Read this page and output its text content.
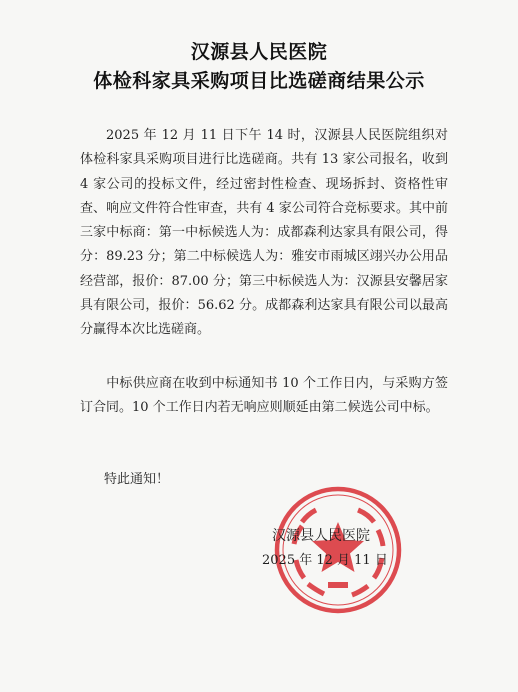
汉源县人民医院
体检科家具采购项目比选磋商结果公示

2025 年 12 月 11 日下午 14 时，汉源县人民医院组织对体检科家具采购项目进行比选磋商。共有 13 家公司报名，收到 4 家公司的投标文件，经过密封性检查、现场拆封、资格性审查、响应文件符合性审查，共有 4 家公司符合竞标要求。其中前三家中标商：第一中标候选人为：成都森利达家具有限公司，得分：89.23 分；第二中标候选人为：雅安市雨城区翊兴办公用品经营部，报价：87.00 分；第三中标候选人为：汉源县安馨居家具有限公司，报价：56.62 分。成都森利达家具有限公司以最高分赢得本次比选磋商。

中标供应商在收到中标通知书 10 个工作日内，与采购方签订合同。10 个工作日内若无响应则顺延由第二候选公司中标。

特此通知！
汉源县人民医院
2025 年 12 月 11 日
